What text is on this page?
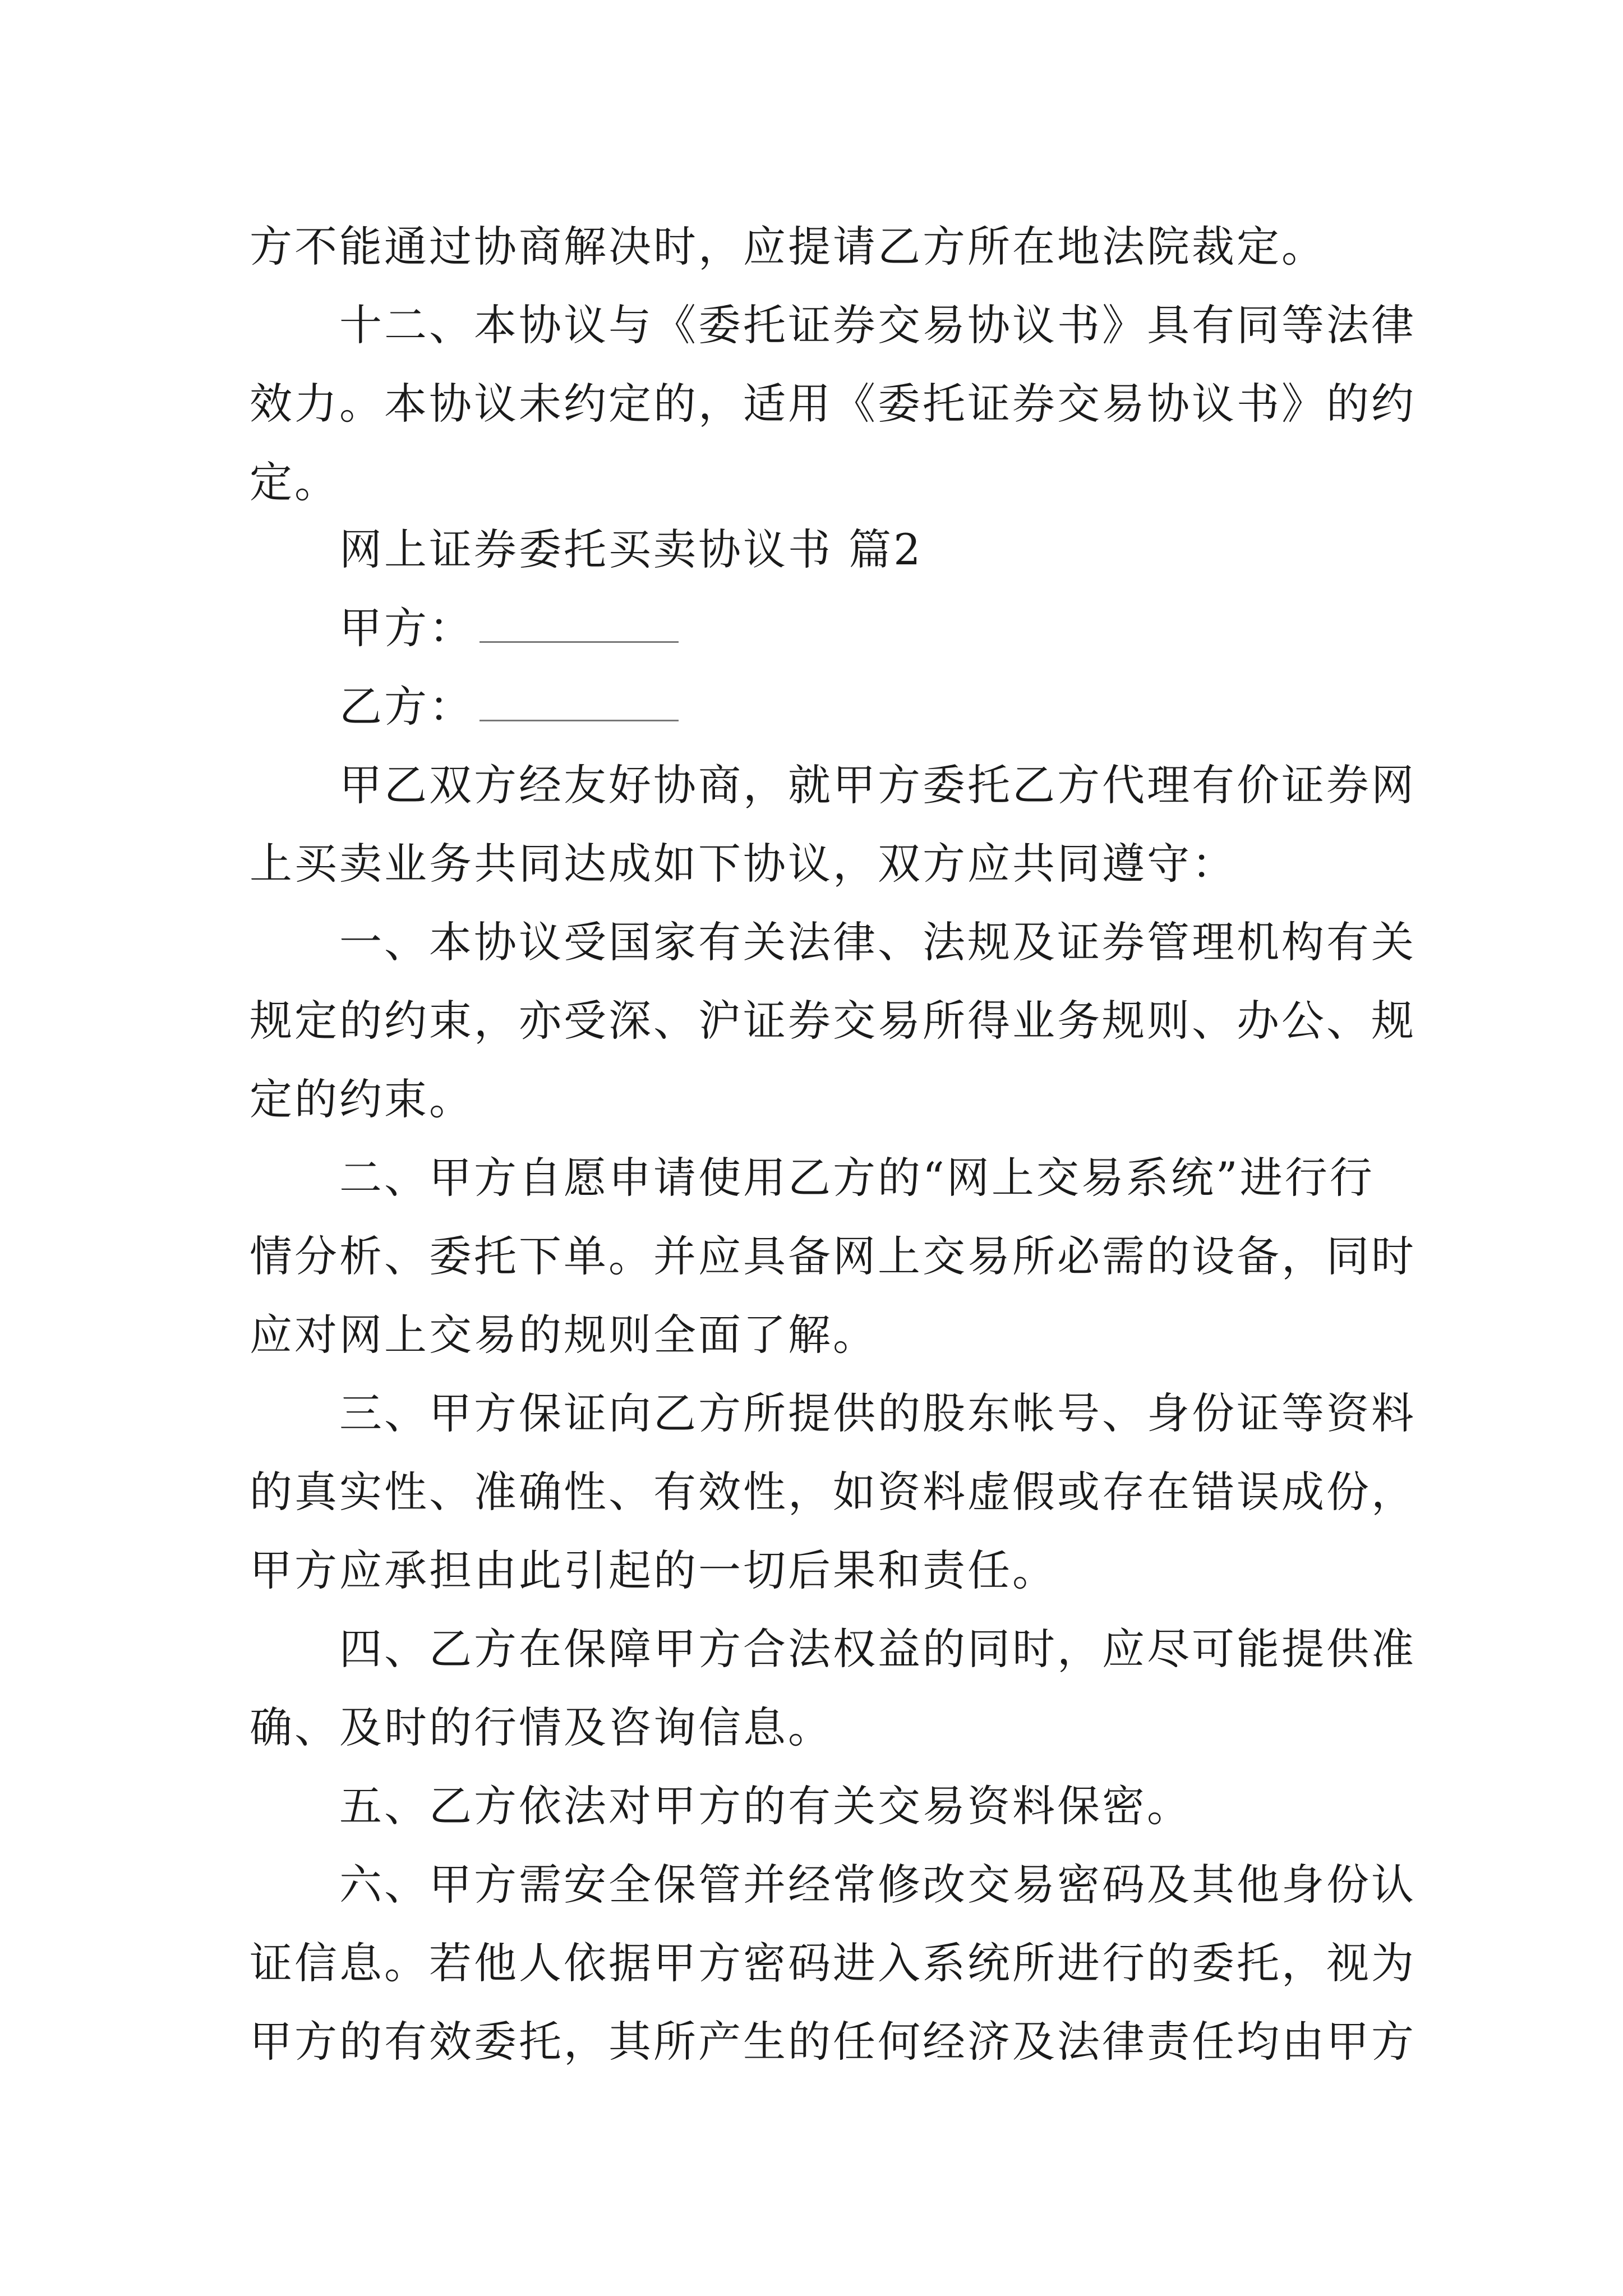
方不能通过协商解决时，应提请乙方所在地法院裁定。
十二、本协议与《委托证券交易协议书》具有同等法律
效力。本协议未约定的，适用《委托证券交易协议书》的约
定。
网上证券委托买卖协议书 篇2
甲方：
乙方：
甲乙双方经友好协商，就甲方委托乙方代理有价证券网
上买卖业务共同达成如下协议，双方应共同遵守：
一、本协议受国家有关法律、法规及证券管理机构有关
规定的约束，亦受深、沪证券交易所得业务规则、办公、规
定的约束。
二、甲方自愿申请使用乙方的“网上交易系统”进行行
情分析、委托下单。并应具备网上交易所必需的设备，同时
应对网上交易的规则全面了解。
三、甲方保证向乙方所提供的股东帐号、身份证等资料
的真实性、准确性、有效性，如资料虚假或存在错误成份，
甲方应承担由此引起的一切后果和责任。
四、乙方在保障甲方合法权益的同时，应尽可能提供准
确、及时的行情及咨询信息。
五、乙方依法对甲方的有关交易资料保密。
六、甲方需安全保管并经常修改交易密码及其他身份认
证信息。若他人依据甲方密码进入系统所进行的委托，视为
甲方的有效委托，其所产生的任何经济及法律责任均由甲方
